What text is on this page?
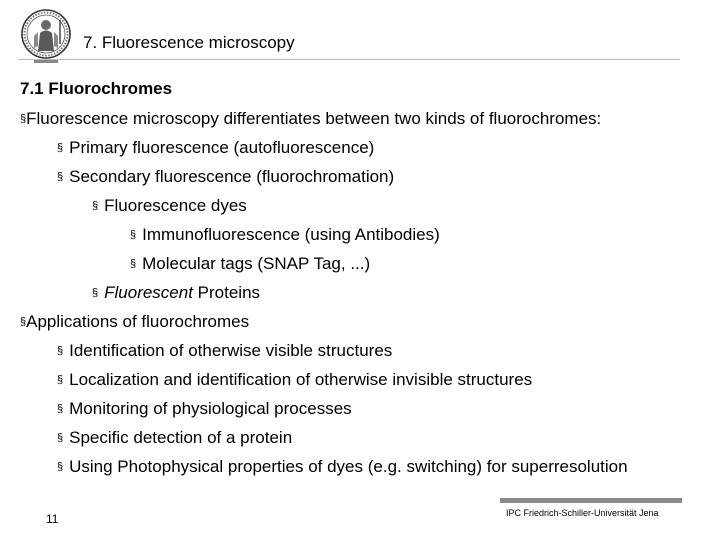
7. Fluorescence microscopy
7.1 Fluorochromes
§Fluorescence microscopy differentiates between two kinds of fluorochromes:
§ Primary fluorescence (autofluorescence)
§ Secondary fluorescence (fluorochromation)
§ Fluorescence dyes
§ Immunofluorescence (using Antibodies)
§ Molecular tags (SNAP Tag, ...)
§ Fluorescent Proteins
§Applications of fluorochromes
§ Identification of otherwise visible structures
§ Localization and identification of otherwise invisible structures
§ Monitoring of physiological processes
§ Specific detection of a protein
§ Using Photophysical properties of dyes (e.g. switching) for superresolution
IPC Friedrich-Schiller-Universität Jena
11
